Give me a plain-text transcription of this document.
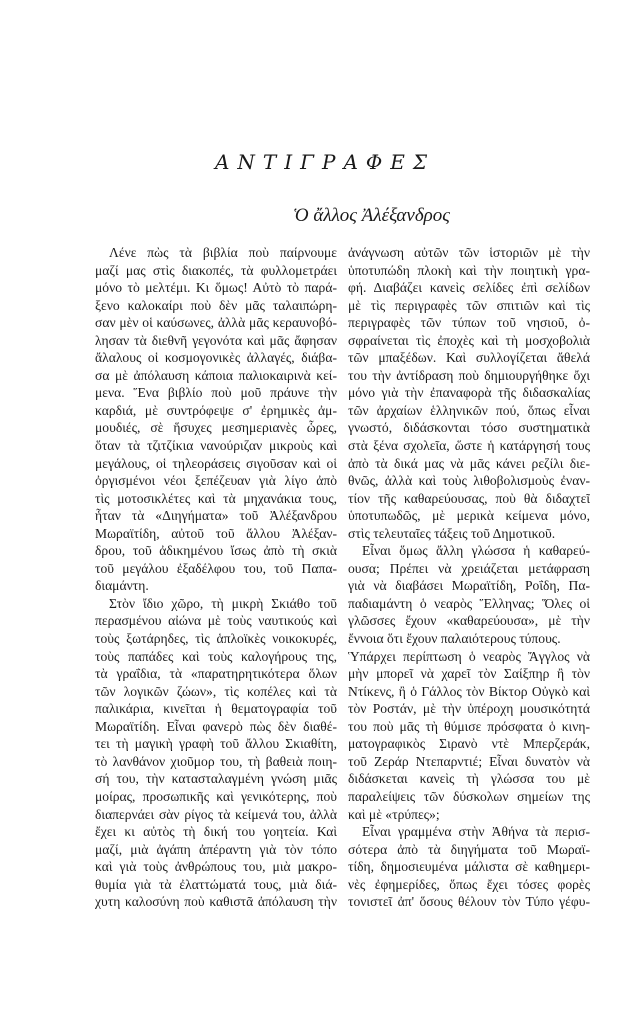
ΑΝΤΙΓΡΑΦΕΣ
Ὁ ἄλλος Ἀλέξανδρος
Λένε πὼς τὰ βιβλία ποὺ παίρνουμε
μαζί μας στὶς διακοπές, τὰ φυλλομετράει
μόνο τὸ μελτέμι. Κι ὅμως! Αὐτὸ τὸ παρά-
ξενο καλοκαίρι ποὺ δὲν μᾶς ταλαιπώρη-
σαν μὲν οἱ καύσωνες, ἀλλὰ μᾶς κεραυνοβό-
λησαν τὰ διεθνῆ γεγονότα καὶ μᾶς ἄφησαν
ἄλαλους οἱ κοσμογονικὲς ἀλλαγές, διάβα-
σα μὲ ἀπόλαυση κάποια παλιοκαιρινὰ κεί-
μενα. Ἕνα βιβλίο ποὺ μοῦ πράυνε τὴν
καρδιά, μὲ συντρόφεψε σ' ἐρημικὲς ἀμ-
μουδιές, σὲ ἥσυχες μεσημεριανὲς ὧρες,
ὅταν τὰ τζιτζίκια νανούριζαν μικροὺς καὶ
μεγάλους, οἱ τηλεοράσεις σιγοῦσαν καὶ οἱ
ὀργισμένοι νέοι ξεπέζευαν γιὰ λίγο ἀπὸ
τὶς μοτοσικλέτες καὶ τὰ μηχανάκια τους,
ἦταν τὰ «Διηγήματα» τοῦ Ἀλέξανδρου
Μωραϊτίδη, αὐτοῦ τοῦ ἄλλου Ἀλέξαν-
δρου, τοῦ ἀδικημένου ἴσως ἀπὸ τὴ σκιὰ
τοῦ μεγάλου ἐξαδέλφου του, τοῦ Παπα-
διαμάντη.
Στὸν ἴδιο χῶρο, τὴ μικρὴ Σκιάθο τοῦ
περασμένου αἰώνα μὲ τοὺς ναυτικούς καὶ
τοὺς ξωτάρηδες, τὶς ἁπλοϊκὲς νοικοκυρές,
τοὺς παπάδες καὶ τοὺς καλογήρους της,
τὰ γραΐδια, τὰ «παρατηρητικότερα ὅλων
τῶν λογικῶν ζώων», τὶς κοπέλες καὶ τὰ
παλικάρια, κινεῖται ἡ θεματογραφία τοῦ
Μωραϊτίδη. Εἶναι φανερὸ πὼς δὲν διαθέ-
τει τὴ μαγικὴ γραφὴ τοῦ ἄλλου Σκιαθίτη,
τὸ λανθάνον χιοῦμορ του, τὴ βαθειὰ ποιη-
σή του, τὴν κατασταλαγμένη γνώση μιᾶς
μοίρας, προσωπικῆς καὶ γενικότερης, ποὺ
διαπερνάει σὰν ρίγος τὰ κείμενά του, ἀλλὰ
ἔχει κι αὐτὸς τὴ δική του γοητεία. Καὶ
μαζί, μιὰ ἀγάπη ἀπέραντη γιὰ τὸν τόπο
καὶ γιὰ τοὺς ἀνθρώπους του, μιὰ μακρο-
θυμία γιὰ τὰ ἐλαττώματά τους, μιὰ διά-
χυτη καλοσύνη ποὺ καθιστᾶ ἀπόλαυση τὴν
ἀνάγνωση αὐτῶν τῶν ἱστοριῶν μὲ τὴν
ὑποτυπώδη πλοκὴ καὶ τὴν ποιητικὴ γρα-
φή. Διαβάζει κανεὶς σελίδες ἐπὶ σελίδων
μὲ τὶς περιγραφὲς τῶν σπιτιῶν καὶ τὶς
περιγραφὲς τῶν τύπων τοῦ νησιοῦ, ὀ-
σφραίνεται τὶς ἐποχὲς καὶ τὴ μοσχοβολιὰ
τῶν μπαξέδων. Καὶ συλλογίζεται ἄθελά
του τὴν ἀντίδραση ποὺ δημιουργήθηκε ὄχι
μόνο γιὰ τὴν ἐπαναφορὰ τῆς διδασκαλίας
τῶν ἀρχαίων ἑλληνικῶν πού, ὅπως εἶναι
γνωστό, διδάσκονται τόσο συστηματικὰ
στὰ ξένα σχολεῖα, ὥστε ἡ κατάργησή τους
ἀπὸ τὰ δικά μας νὰ μᾶς κάνει ρεζίλι διε-
θνῶς, ἀλλὰ καὶ τοὺς λιθοβολισμοὺς ἐναν-
τίον τῆς καθαρεύουσας, ποὺ θὰ διδαχτεῖ
ὑποτυπωδῶς, μὲ μερικὰ κείμενα μόνο,
στὶς τελευταῖες τάξεις τοῦ Δημοτικοῦ.
Εἶναι ὅμως ἄλλη γλώσσα ἡ καθαρεύ-
ουσα; Πρέπει νὰ χρειάζεται μετάφραση
γιὰ νὰ διαβάσει Μωραϊτίδη, Ροΐδη, Πα-
παδιαμάντη ὁ νεαρὸς Ἕλληνας; Ὅλες οἱ
γλῶσσες ἔχουν «καθαρεύουσα», μὲ τὴν
ἔννοια ὅτι ἔχουν παλαιότερους τύπους.
Ὑπάρχει περίπτωση ὁ νεαρὸς Ἄγγλος νὰ
μὴν μπορεῖ νὰ χαρεῖ τὸν Σαίξπηρ ἢ τὸν
Ντίκενς, ἢ ὁ Γάλλος τὸν Βίκτορ Οὐγκὸ καὶ
τὸν Ροστάν, μὲ τὴν ὑπέροχη μουσικότητά
του ποὺ μᾶς τὴ θύμισε πρόσφατα ὁ κινη-
ματογραφικὸς Σιρανὸ ντὲ Μπερζεράκ,
τοῦ Ζεράρ Ντεπαρντιέ; Εἶναι δυνατὸν νὰ
διδάσκεται κανεὶς τὴ γλώσσα του μὲ
παραλείψεις τῶν δύσκολων σημείων της
καὶ μὲ «τρύπες»;
Εἶναι γραμμένα στὴν Ἀθήνα τὰ περισ-
σότερα ἀπὸ τὰ διηγήματα τοῦ Μωραϊ-
τίδη, δημοσιευμένα μάλιστα σὲ καθημερι-
νὲς ἐφημερίδες, ὅπως ἔχει τόσες φορὲς
τονιστεῖ ἀπ' ὅσους θέλουν τὸν Τύπο γέφυ-
